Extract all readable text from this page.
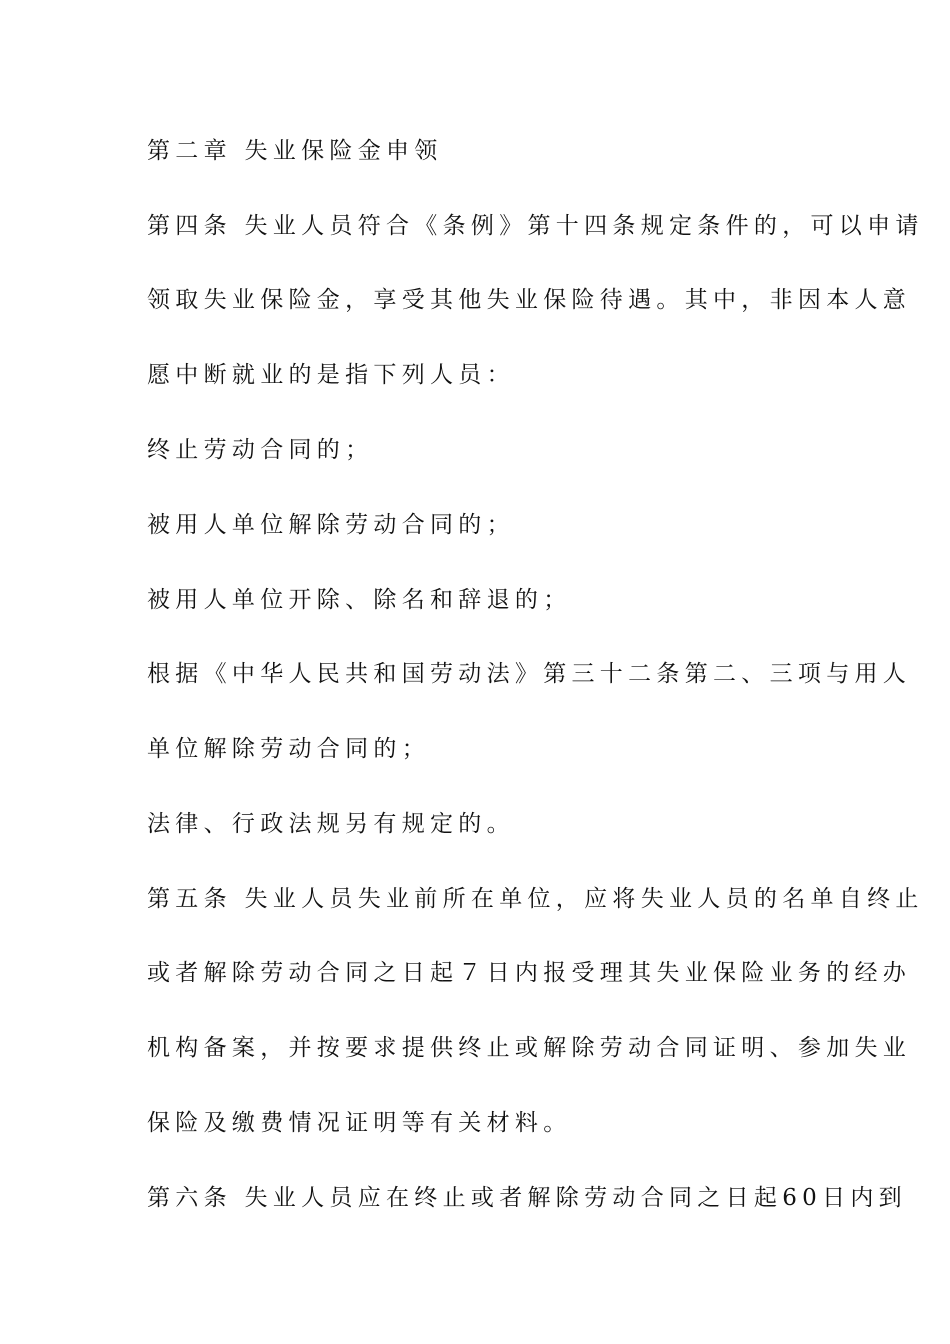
第二章 失业保险金申领
第四条 失业人员符合《条例》第十四条规定条件的，可以申请
领取失业保险金，享受其他失业保险待遇。其中，非因本人意
愿中断就业的是指下列人员：
终止劳动合同的；
被用人单位解除劳动合同的；
被用人单位开除、除名和辞退的；
根据《中华人民共和国劳动法》第三十二条第二、三项与用人
单位解除劳动合同的；
法律、行政法规另有规定的。
第五条 失业人员失业前所在单位，应将失业人员的名单自终止
或者解除劳动合同之日起７日内报受理其失业保险业务的经办
机构备案，并按要求提供终止或解除劳动合同证明、参加失业
保险及缴费情况证明等有关材料。
第六条 失业人员应在终止或者解除劳动合同之日起60日内到
